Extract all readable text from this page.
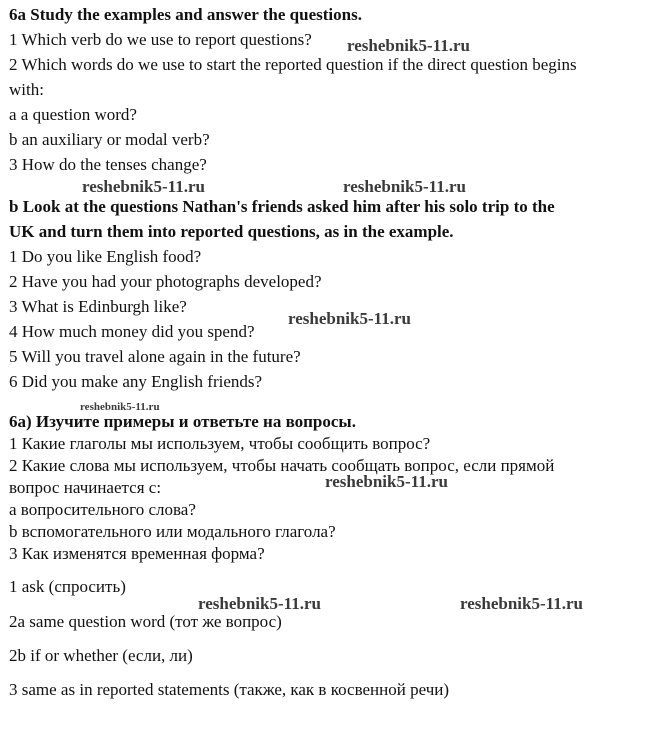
6a Study the examples and answer the questions.
1 Which verb do we use to report questions?
2 Which words do we use to start the reported question if the direct question begins
with:
a a question word?
b an auxiliary or modal verb?
3 How do the tenses change?
b Look at the questions Nathan's friends asked him after his solo trip to the
UK and turn them into reported questions, as in the example.
1 Do you like English food?
2 Have you had your photographs developed?
3 What is Edinburgh like?
4 How much money did you spend?
5 Will you travel alone again in the future?
6 Did you make any English friends?
6a) Изучите примеры и ответьте на вопросы.
1 Какие глаголы мы используем, чтобы сообщить вопрос?
2 Какие слова мы используем, чтобы начать сообщать вопрос, если прямой
вопрос начинается с:
a вопросительного слова?
b вспомогательного или модального глагола?
3 Как изменятся временная форма?
1 ask (спросить)
2a same question word (тот же вопрос)
2b if or whether (если, ли)
3 same as in reported statements (также, как в косвенной речи)
reshebnik5-11.ru
reshebnik5-11.ru	reshebnik5-11.ru
reshebnik5-11.ru
reshebnik5-11.ru
reshebnik5-11.ru
reshebnik5-11.ru	reshebnik5-11.ru
